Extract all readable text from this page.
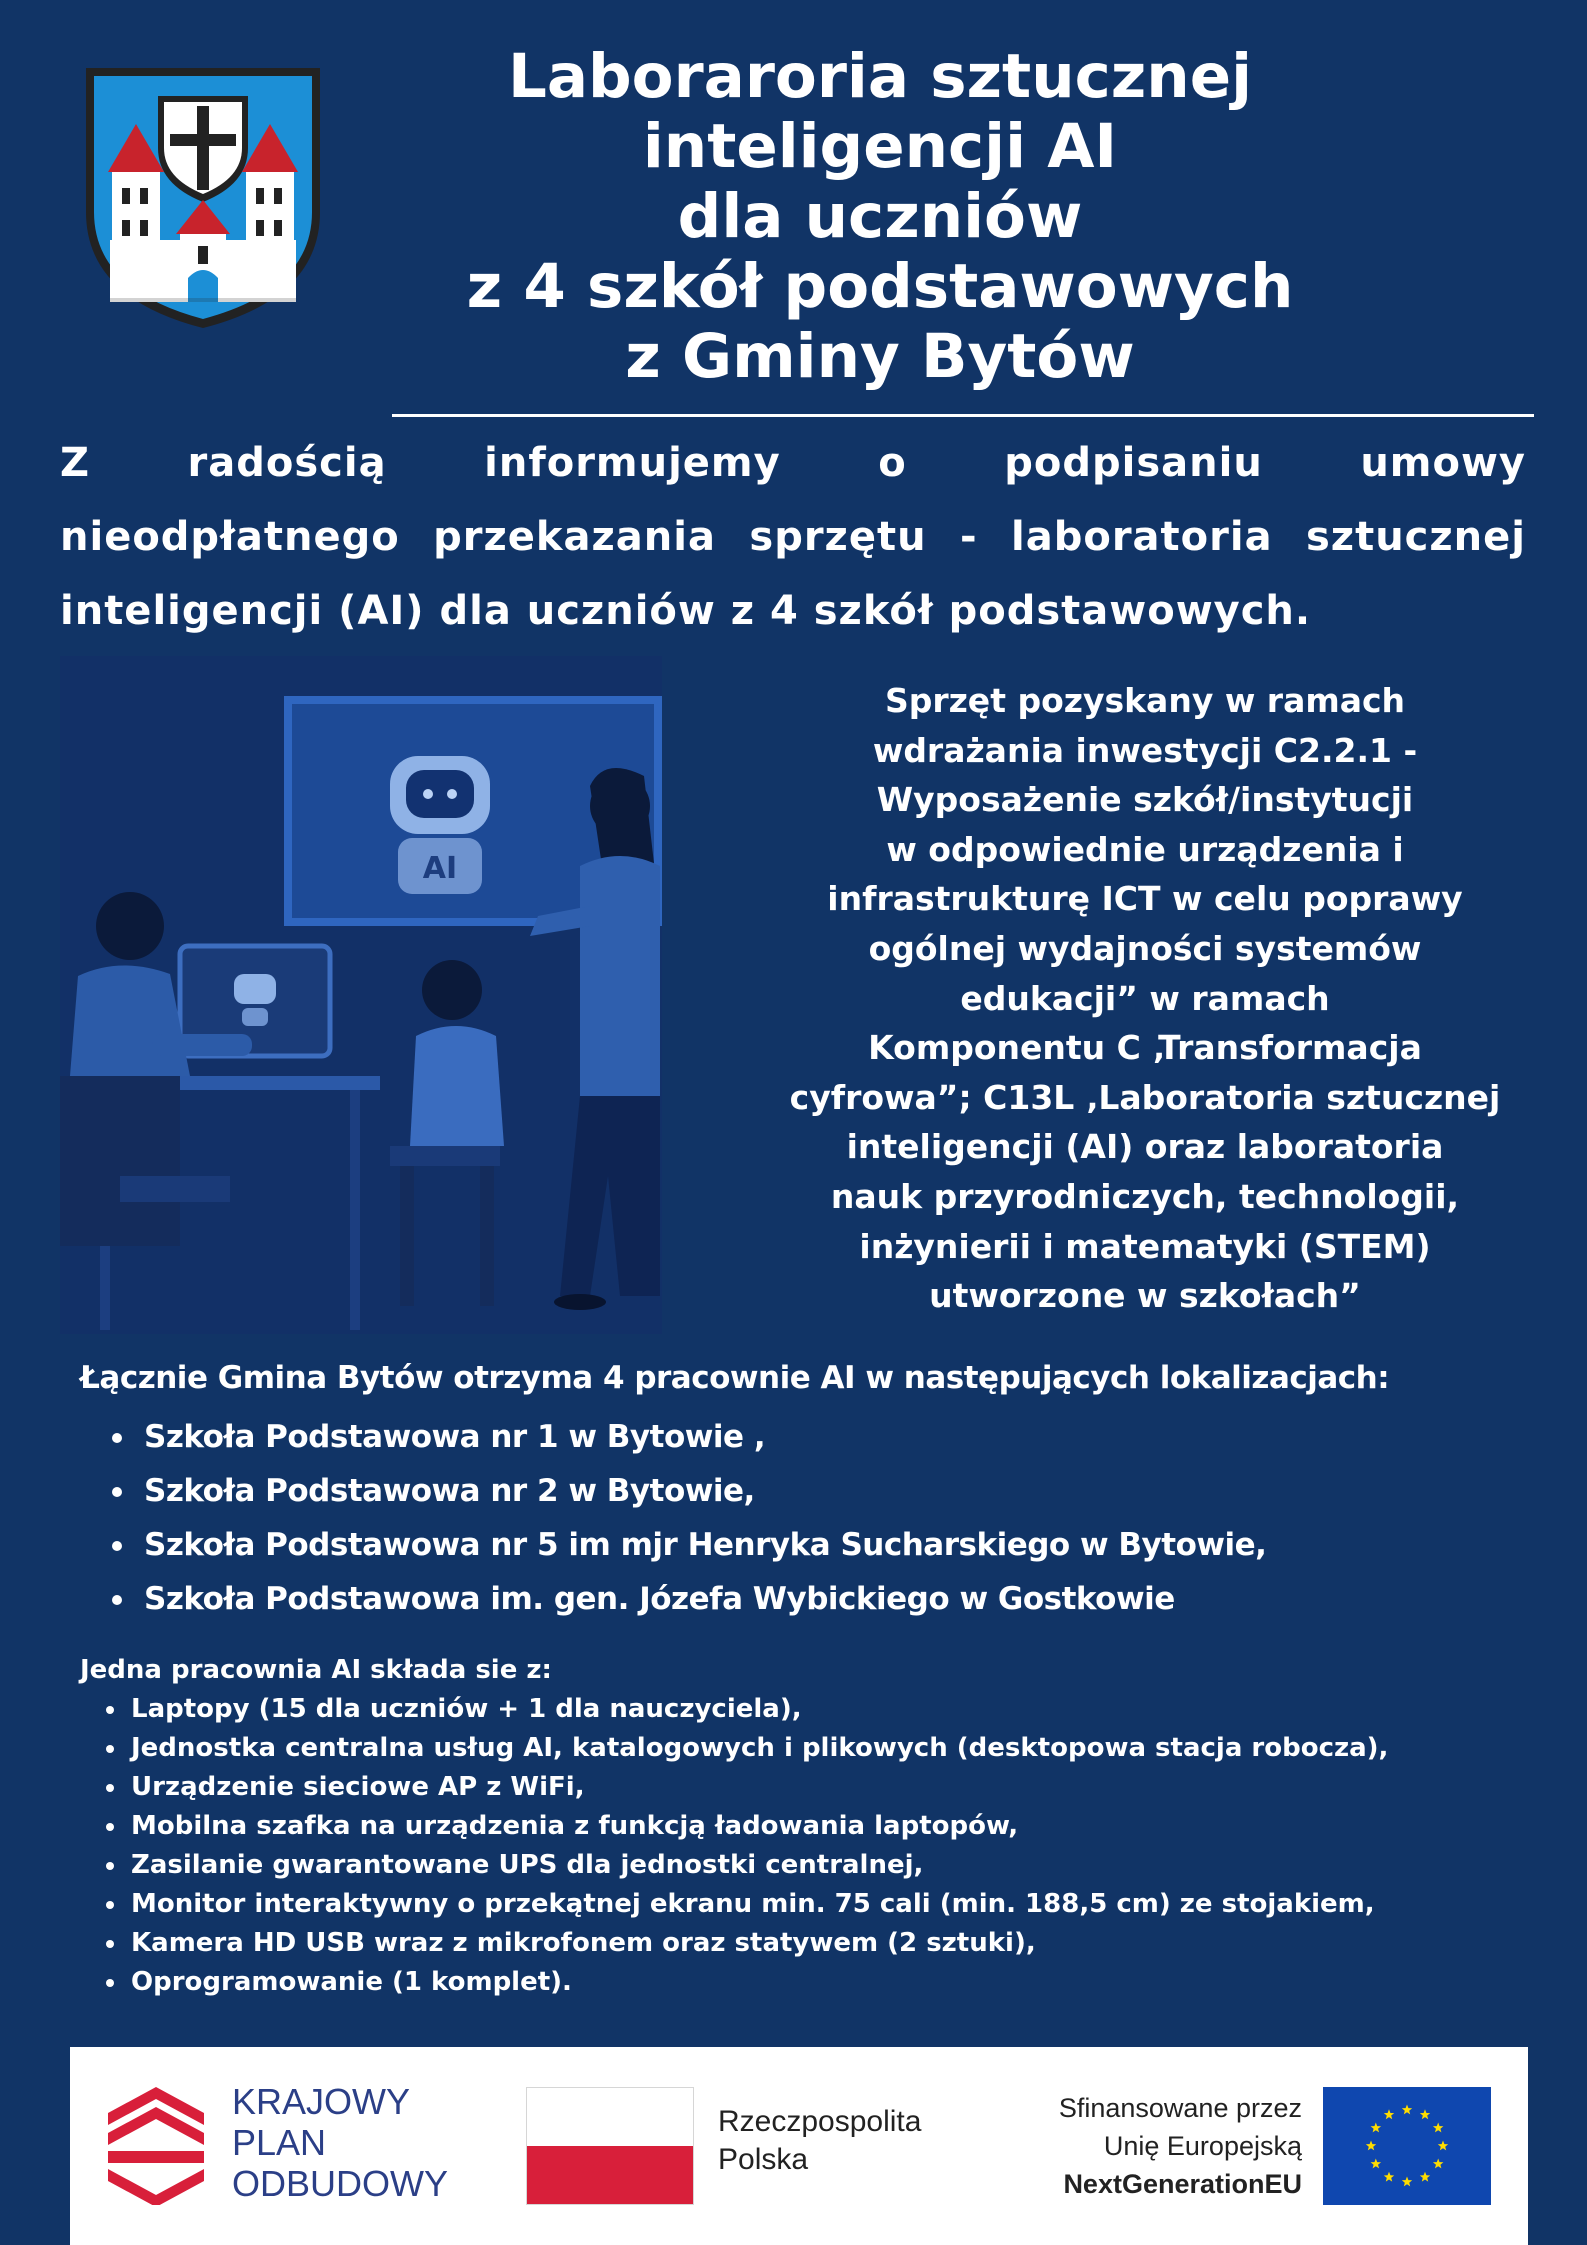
Laboraroria sztucznej
inteligencji AI
dla uczniów
z 4 szkół podstawowych
z Gminy Bytów
Z radością informujemy o podpisaniu umowy
nieodpłatnego przekazania sprzętu - laboratoria sztucznej
inteligencji (AI) dla uczniów z 4 szkół podstawowych.
AI
Sprzęt pozyskany w ramach
wdrażania inwestycji C2.2.1 -
Wyposażenie szkół/instytucji
w odpowiednie urządzenia i
infrastrukturę ICT w celu poprawy
ogólnej wydajności systemów
edukacji” w ramach
Komponentu C ‚Transformacja
cyfrowa”; C13L ‚Laboratoria sztucznej
inteligencji (AI) oraz laboratoria
nauk przyrodniczych, technologii,
inżynierii i matematyki (STEM)
utworzone w szkołach”
Łącznie Gmina Bytów otrzyma 4 pracownie AI w następujących lokalizacjach:
Szkoła Podstawowa nr 1 w Bytowie ,
Szkoła Podstawowa nr 2 w Bytowie,
Szkoła Podstawowa nr 5 im mjr Henryka Sucharskiego w Bytowie,
Szkoła Podstawowa im. gen. Józefa Wybickiego w Gostkowie
Jedna pracownia AI składa sie z:
Laptopy (15 dla uczniów + 1 dla nauczyciela),
Jednostka centralna usług AI, katalogowych i plikowych (desktopowa stacja robocza),
Urządzenie sieciowe AP z WiFi,
Mobilna szafka na urządzenia z funkcją ładowania laptopów,
Zasilanie gwarantowane UPS dla jednostki centralnej,
Monitor interaktywny o przekątnej ekranu min. 75 cali (min. 188,5 cm) ze stojakiem,
Kamera HD USB wraz z mikrofonem oraz statywem (2 sztuki),
Oprogramowanie (1 komplet).
KRAJOWY
PLAN
ODBUDOWY
Rzeczpospolita
Polska
Sfinansowane przez
Unię Europejską
NextGenerationEU
